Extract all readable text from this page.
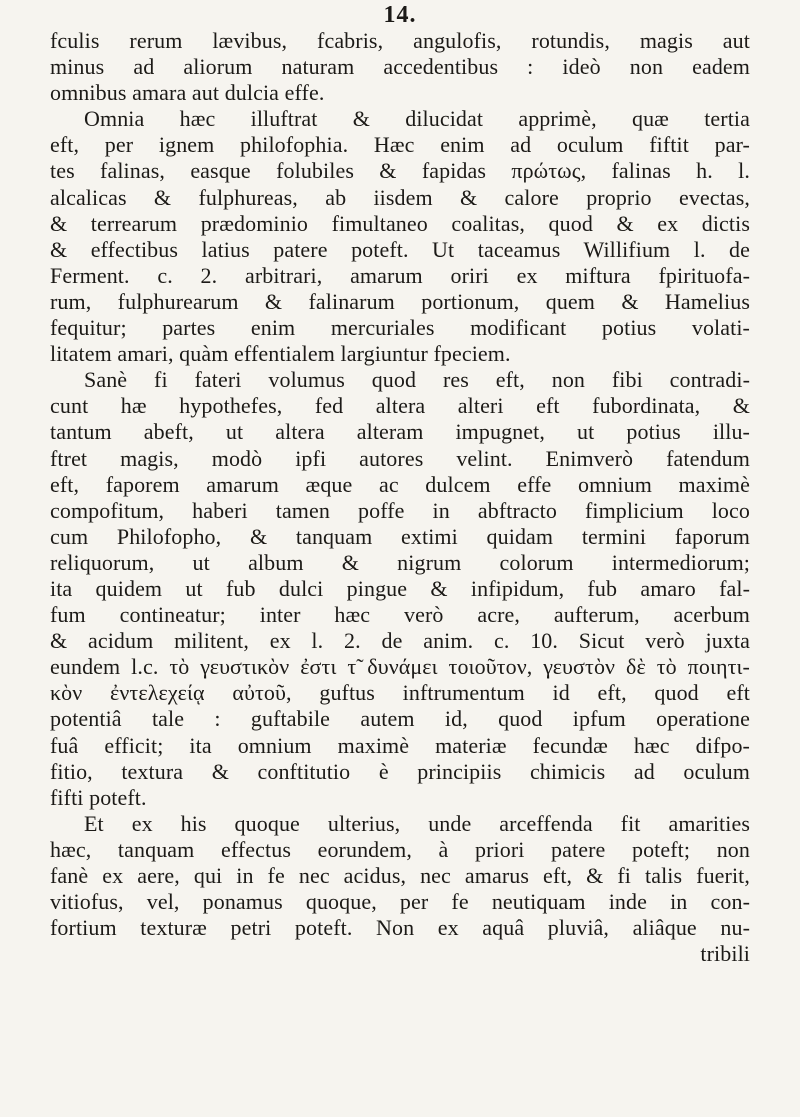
14.
fculis rerum lævibus, fcabris, angulofis, rotundis, magis aut
minus ad aliorum naturam accedentibus : ideò non eadem
omnibus amara aut dulcia effe.
Omnia hæc illuftrat & dilucidat apprimè, quæ tertia
eft, per ignem philofophia. Hæc enim ad oculum fiftit par-
tes falinas, easque folubiles & fapidas πρώτως, falinas h. l.
alcalicas & fulphureas, ab iisdem & calore proprio evectas,
& terrearum prædominio fimultaneo coalitas, quod & ex dictis
& effectibus latius patere poteft. Ut taceamus Willifium l. de
Ferment. c. 2. arbitrari, amarum oriri ex miftura fpirituofa-
rum, fulphurearum & falinarum portionum, quem & Hamelius
fequitur; partes enim mercuriales modificant potius volati-
litatem amari, quàm effentialem largiuntur fpeciem.
Sanè fi fateri volumus quod res eft, non fibi contradi-
cunt hæ hypothefes, fed altera alteri eft fubordinata, &
tantum abeft, ut altera alteram impugnet, ut potius illu-
ftret magis, modò ipfi autores velint. Enimverò fatendum
eft, faporem amarum æque ac dulcem effe omnium maximè
compofitum, haberi tamen poffe in abftracto fimplicium loco
cum Philofopho, & tanquam extimi quidam termini faporum
reliquorum, ut album & nigrum colorum intermediorum;
ita quidem ut fub dulci pingue & infipidum, fub amaro fal-
fum contineatur; inter hæc verò acre, aufterum, acerbum
& acidum militent, ex l. 2. de anim. c. 10. Sicut verò juxta
eundem l.c. τὸ γευστικὸν ἐστι τ̃ δυνάμει τοιοῦτον, γευστὸν δὲ τὸ ποιητι-
κὸν ἐντελεχείᾳ αὐτοῦ, guftus inftrumentum id eft, quod eft
potentiâ tale : guftabile autem id, quod ipfum operatione
fuâ efficit; ita omnium maximè materiæ fecundæ hæc difpo-
fitio, textura & conftitutio è principiis chimicis ad oculum
fifti poteft.
Et ex his quoque ulterius, unde arceffenda fit amarities
hæc, tanquam effectus eorundem, à priori patere poteft; non
fanè ex aere, qui in fe nec acidus, nec amarus eft, & fi talis fuerit,
vitiofus, vel, ponamus quoque, per fe neutiquam inde in con-
fortium texturæ petri poteft. Non ex aquâ pluviâ, aliâque nu-
tribili
